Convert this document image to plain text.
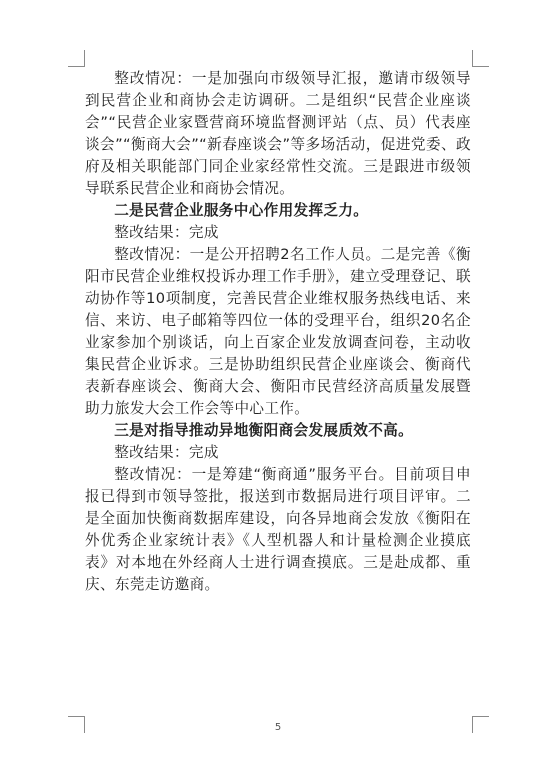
整改情况：一是加强向市级领导汇报，邀请市级领导到民营企业和商协会走访调研。二是组织“民营企业座谈会”“民营企业家暨营商环境监督测评站（点、员）代表座谈会”“衡商大会”“新春座谈会”等多场活动，促进党委、政府及相关职能部门同企业家经常性交流。三是跟进市级领导联系民营企业和商协会情况。

二是民营企业服务中心作用发挥乏力。

整改结果：完成

整改情况：一是公开招聘2名工作人员。二是完善《衡阳市民营企业维权投诉办理工作手册》，建立受理登记、联动协作等10项制度，完善民营企业维权服务热线电话、来信、来访、电子邮箱等四位一体的受理平台，组织20名企业家参加个别谈话，向上百家企业发放调查问卷，主动收集民营企业诉求。三是协助组织民营企业座谈会、衡商代表新春座谈会、衡商大会、衡阳市民营经济高质量发展暨助力旅发大会工作会等中心工作。

三是对指导推动异地衡阳商会发展质效不高。

整改结果：完成

整改情况：一是筹建“衡商通”服务平台。目前项目申报已得到市领导签批，报送到市数据局进行项目评审。二是全面加快衡商数据库建设，向各异地商会发放《衡阳在外优秀企业家统计表》《人型机器人和计量检测企业摸底表》对本地在外经商人士进行调查摸底。三是赴成都、重庆、东莞走访邀商。

5
